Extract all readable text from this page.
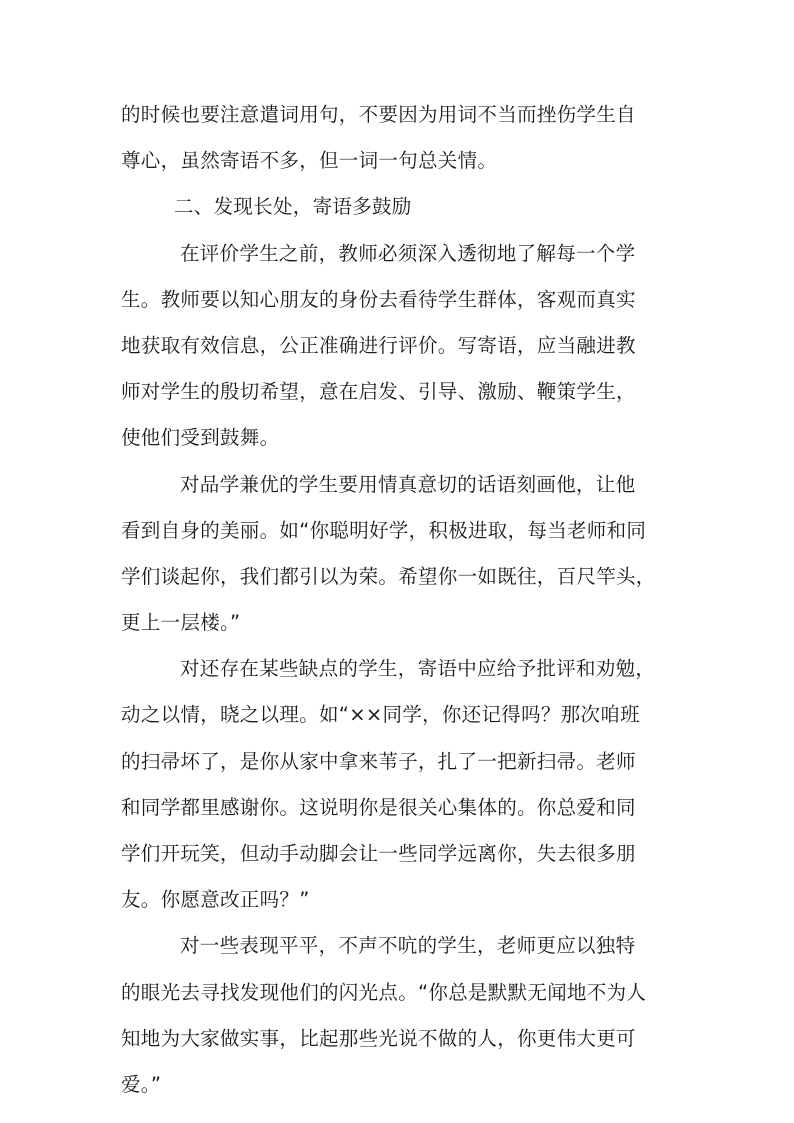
的时候也要注意遣词用句，不要因为用词不当而挫伤学生自
尊心，虽然寄语不多，但一词一句总关情。
二、发现长处，寄语多鼓励
在评价学生之前，教师必须深入透彻地了解每一个学
生。教师要以知心朋友的身份去看待学生群体，客观而真实
地获取有效信息，公正准确进行评价。写寄语，应当融进教
师对学生的殷切希望，意在启发、引导、激励、鞭策学生，
使他们受到鼓舞。
对品学兼优的学生要用情真意切的话语刻画他，让他
看到自身的美丽。如“你聪明好学，积极进取，每当老师和同
学们谈起你，我们都引以为荣。希望你一如既往，百尺竿头，
更上一层楼。”
对还存在某些缺点的学生，寄语中应给予批评和劝勉，
动之以情，晓之以理。如“××同学，你还记得吗？那次咱班
的扫帚坏了，是你从家中拿来苇子，扎了一把新扫帚。老师
和同学都里感谢你。这说明你是很关心集体的。你总爱和同
学们开玩笑，但动手动脚会让一些同学远离你，失去很多朋
友。你愿意改正吗？”
对一些表现平平，不声不吭的学生，老师更应以独特
的眼光去寻找发现他们的闪光点。“你总是默默无闻地不为人
知地为大家做实事，比起那些光说不做的人，你更伟大更可
爱。”
